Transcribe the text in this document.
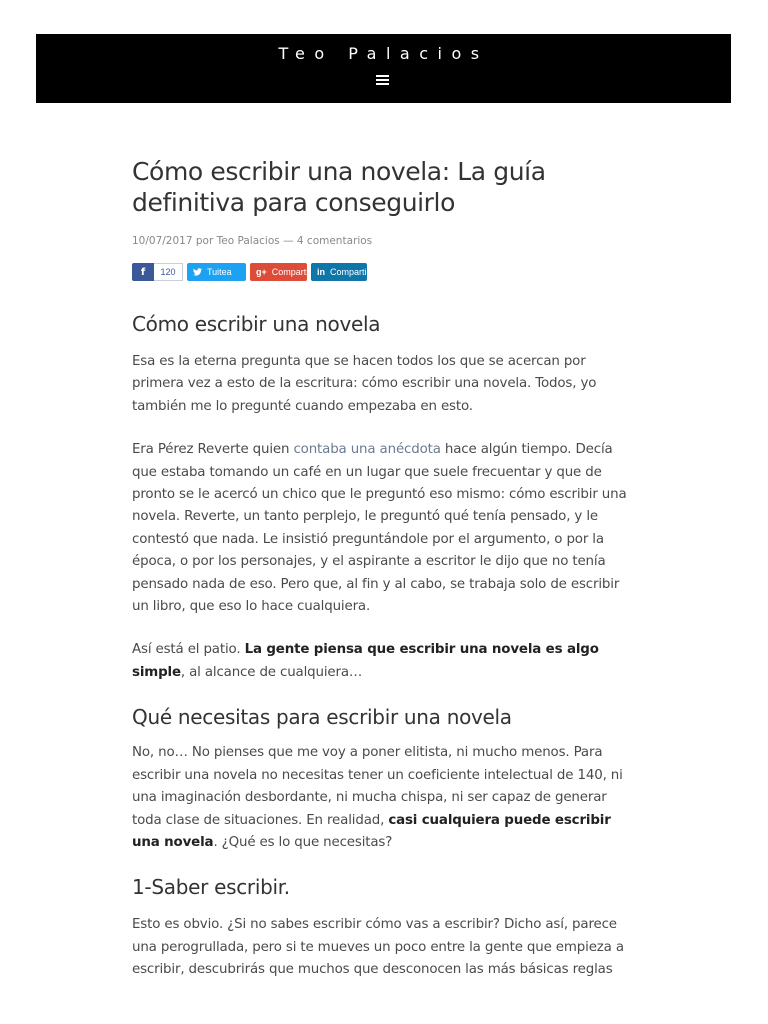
Teo Palacios
Cómo escribir una novela: La guía definitiva para conseguirlo
10/07/2017 por Teo Palacios — 4 comentarios
f	120	Tuitea	g+ Compartir in Compartir
Cómo escribir una novela

Esa es la eterna pregunta que se hacen todos los que se acercan por primera vez a esto de la escritura: cómo escribir una novela. Todos, yo también me lo pregunté cuando empezaba en esto.

Era Pérez Reverte quien contaba una anécdota hace algún tiempo. Decía que estaba tomando un café en un lugar que suele frecuentar y que de pronto se le acercó un chico que le preguntó eso mismo: cómo escribir una novela. Reverte, un tanto perplejo, le preguntó qué tenía pensado, y le contestó que nada. Le insistió preguntándole por el argumento, o por la época, o por los personajes, y el aspirante a escritor le dijo que no tenía pensado nada de eso. Pero que, al fin y al cabo, se trabaja solo de escribir un libro, que eso lo hace cualquiera.

Así está el patio. La gente piensa que escribir una novela es algo simple, al alcance de cualquiera…

Qué necesitas para escribir una novela

No, no… No pienses que me voy a poner elitista, ni mucho menos. Para escribir una novela no necesitas tener un coeficiente intelectual de 140, ni una imaginación desbordante, ni mucha chispa, ni ser capaz de generar toda clase de situaciones. En realidad, casi cualquiera puede escribir una novela. ¿Qué es lo que necesitas?

1-Saber escribir.

Esto es obvio. ¿Si no sabes escribir cómo vas a escribir? Dicho así, parece una perogrullada, pero si te mueves un poco entre la gente que empieza a escribir, descubrirás que muchos que desconocen las más básicas reglas
